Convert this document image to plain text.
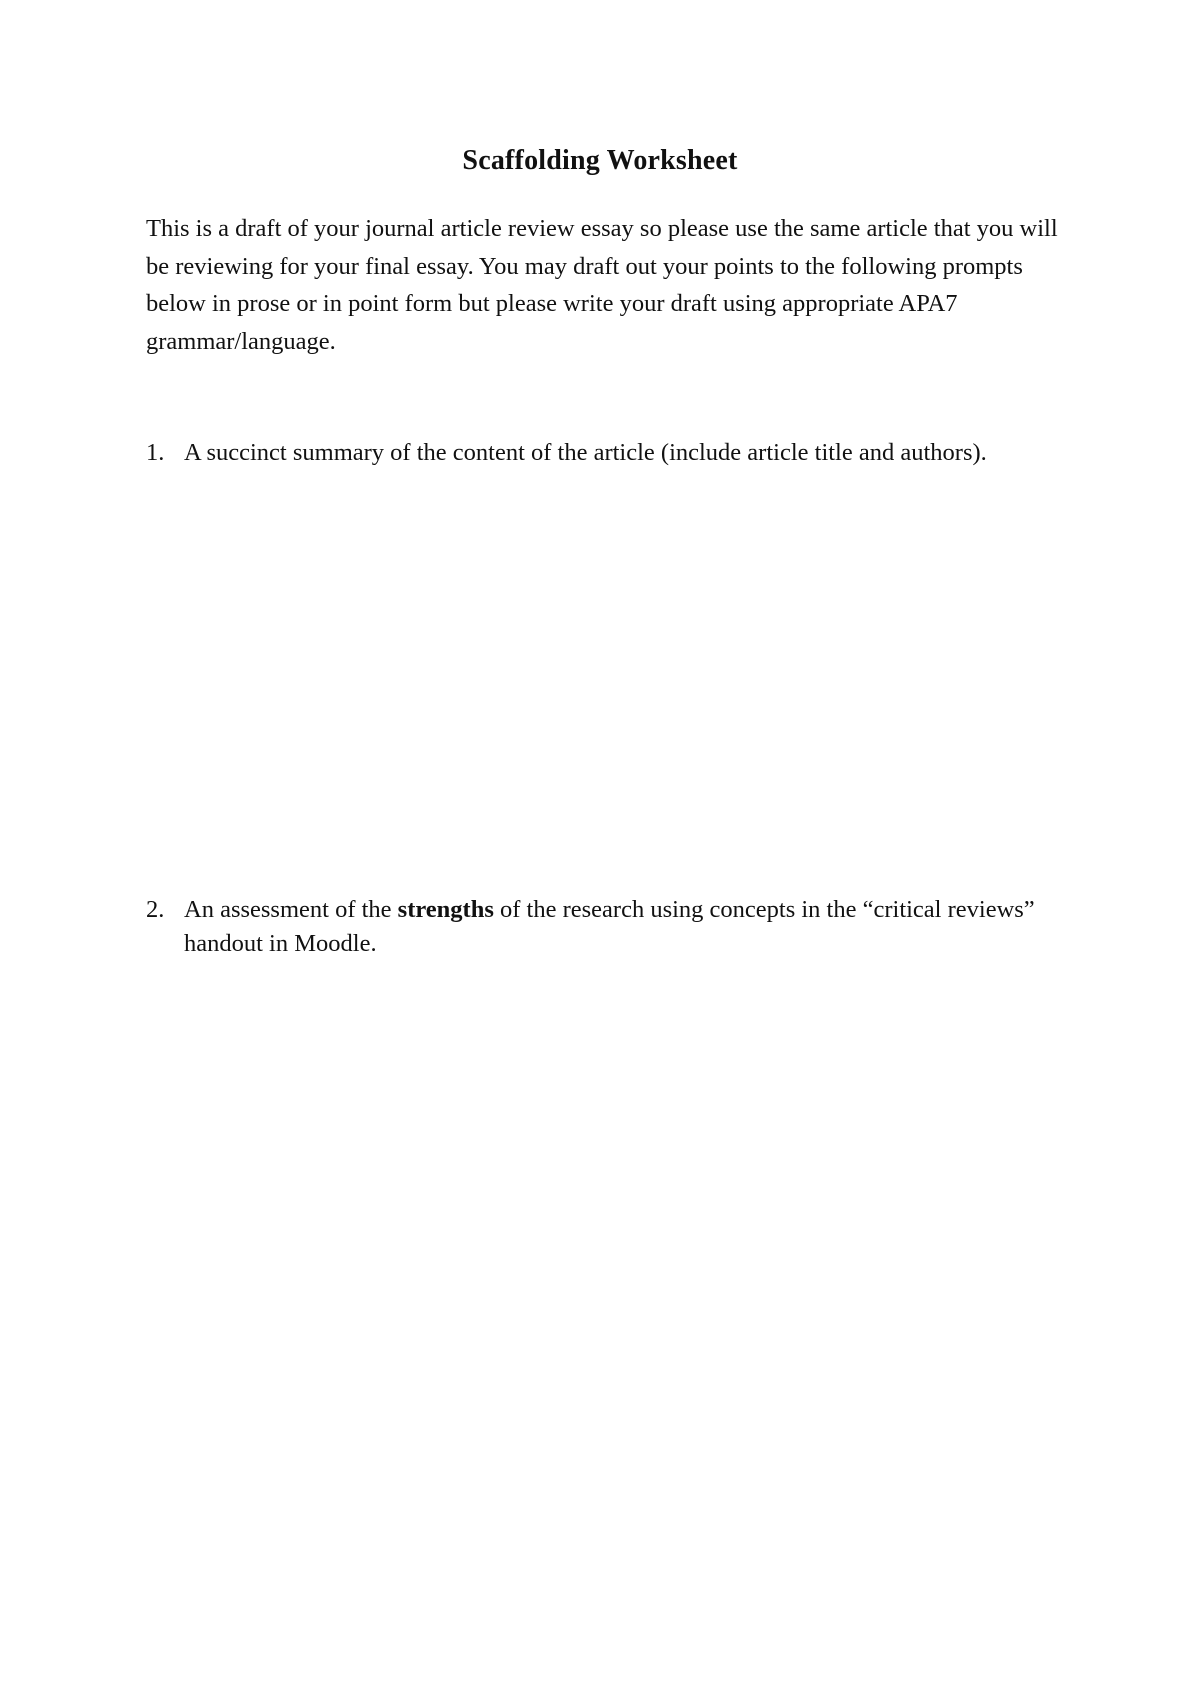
Scaffolding Worksheet

This is a draft of your journal article review essay so please use the same article that you will be reviewing for your final essay. You may draft out your points to the following prompts below in prose or in point form but please write your draft using appropriate APA7 grammar/language.

1. A succinct summary of the content of the article (include article title and authors).
2. An assessment of the strengths of the research using concepts in the “critical reviews” handout in Moodle.
